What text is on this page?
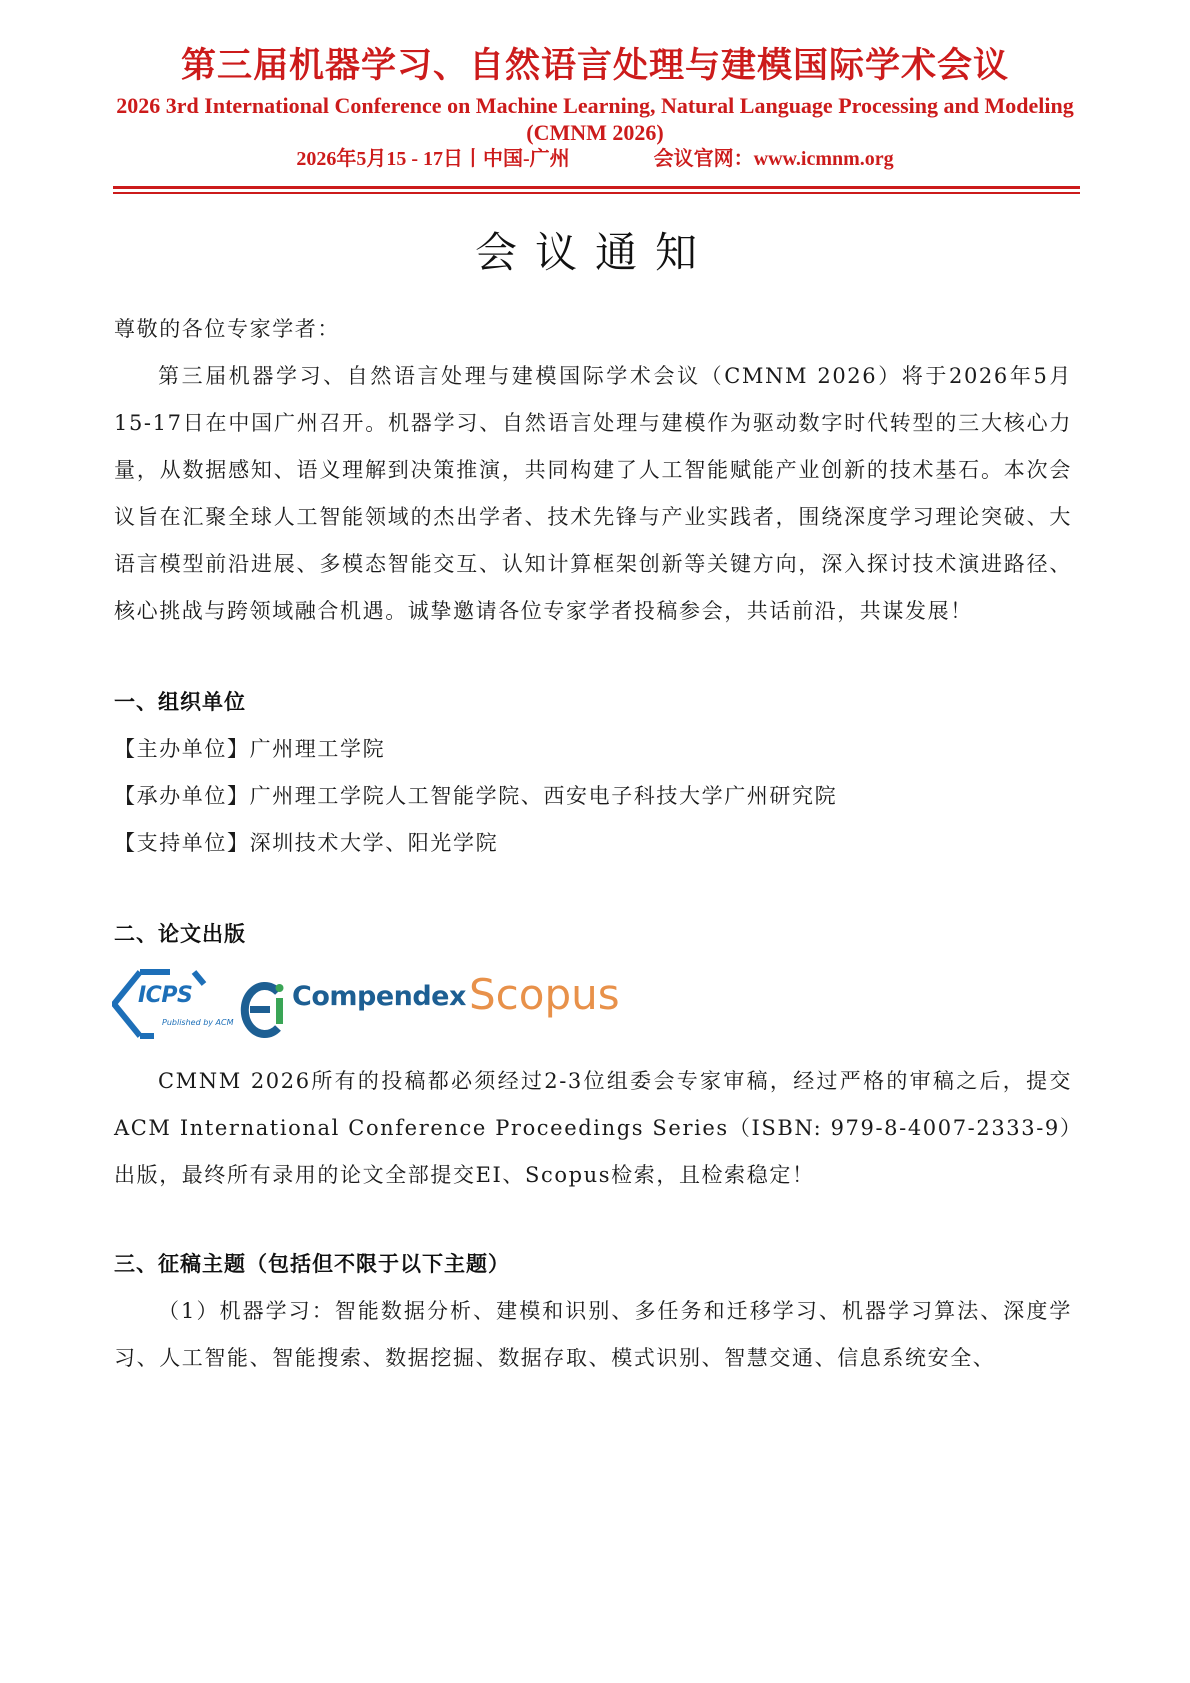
第三届机器学习、自然语言处理与建模国际学术会议
2026 3rd International Conference on Machine Learning, Natural Language Processing and Modeling (CMNM 2026)
2026年5月15 - 17日丨中国-广州	会议官网：www.icmnm.org
会议通知
尊敬的各位专家学者：
第三届机器学习、自然语言处理与建模国际学术会议（CMNM 2026）将于2026年5月15-17日在中国广州召开。机器学习、自然语言处理与建模作为驱动数字时代转型的三大核心力量，从数据感知、语义理解到决策推演，共同构建了人工智能赋能产业创新的技术基石。本次会议旨在汇聚全球人工智能领域的杰出学者、技术先锋与产业实践者，围绕深度学习理论突破、大语言模型前沿进展、多模态智能交互、认知计算框架创新等关键方向，深入探讨技术演进路径、核心挑战与跨领域融合机遇。诚挚邀请各位专家学者投稿参会，共话前沿，共谋发展！
一、组织单位
【主办单位】广州理工学院
【承办单位】广州理工学院人工智能学院、西安电子科技大学广州研究院
【支持单位】深圳技术大学、阳光学院
二、论文出版
ICPS
Published by ACM
Compendex Scopus
CMNM 2026所有的投稿都必须经过2-3位组委会专家审稿，经过严格的审稿之后，提交ACM International Conference Proceedings Series（ISBN: 979-8-4007-2333-9）出版，最终所有录用的论文全部提交EI、Scopus检索，且检索稳定！
三、征稿主题（包括但不限于以下主题）
（1）机器学习：智能数据分析、建模和识别、多任务和迁移学习、机器学习算法、深度学习、人工智能、智能搜索、数据挖掘、数据存取、模式识别、智慧交通、信息系统安全、
